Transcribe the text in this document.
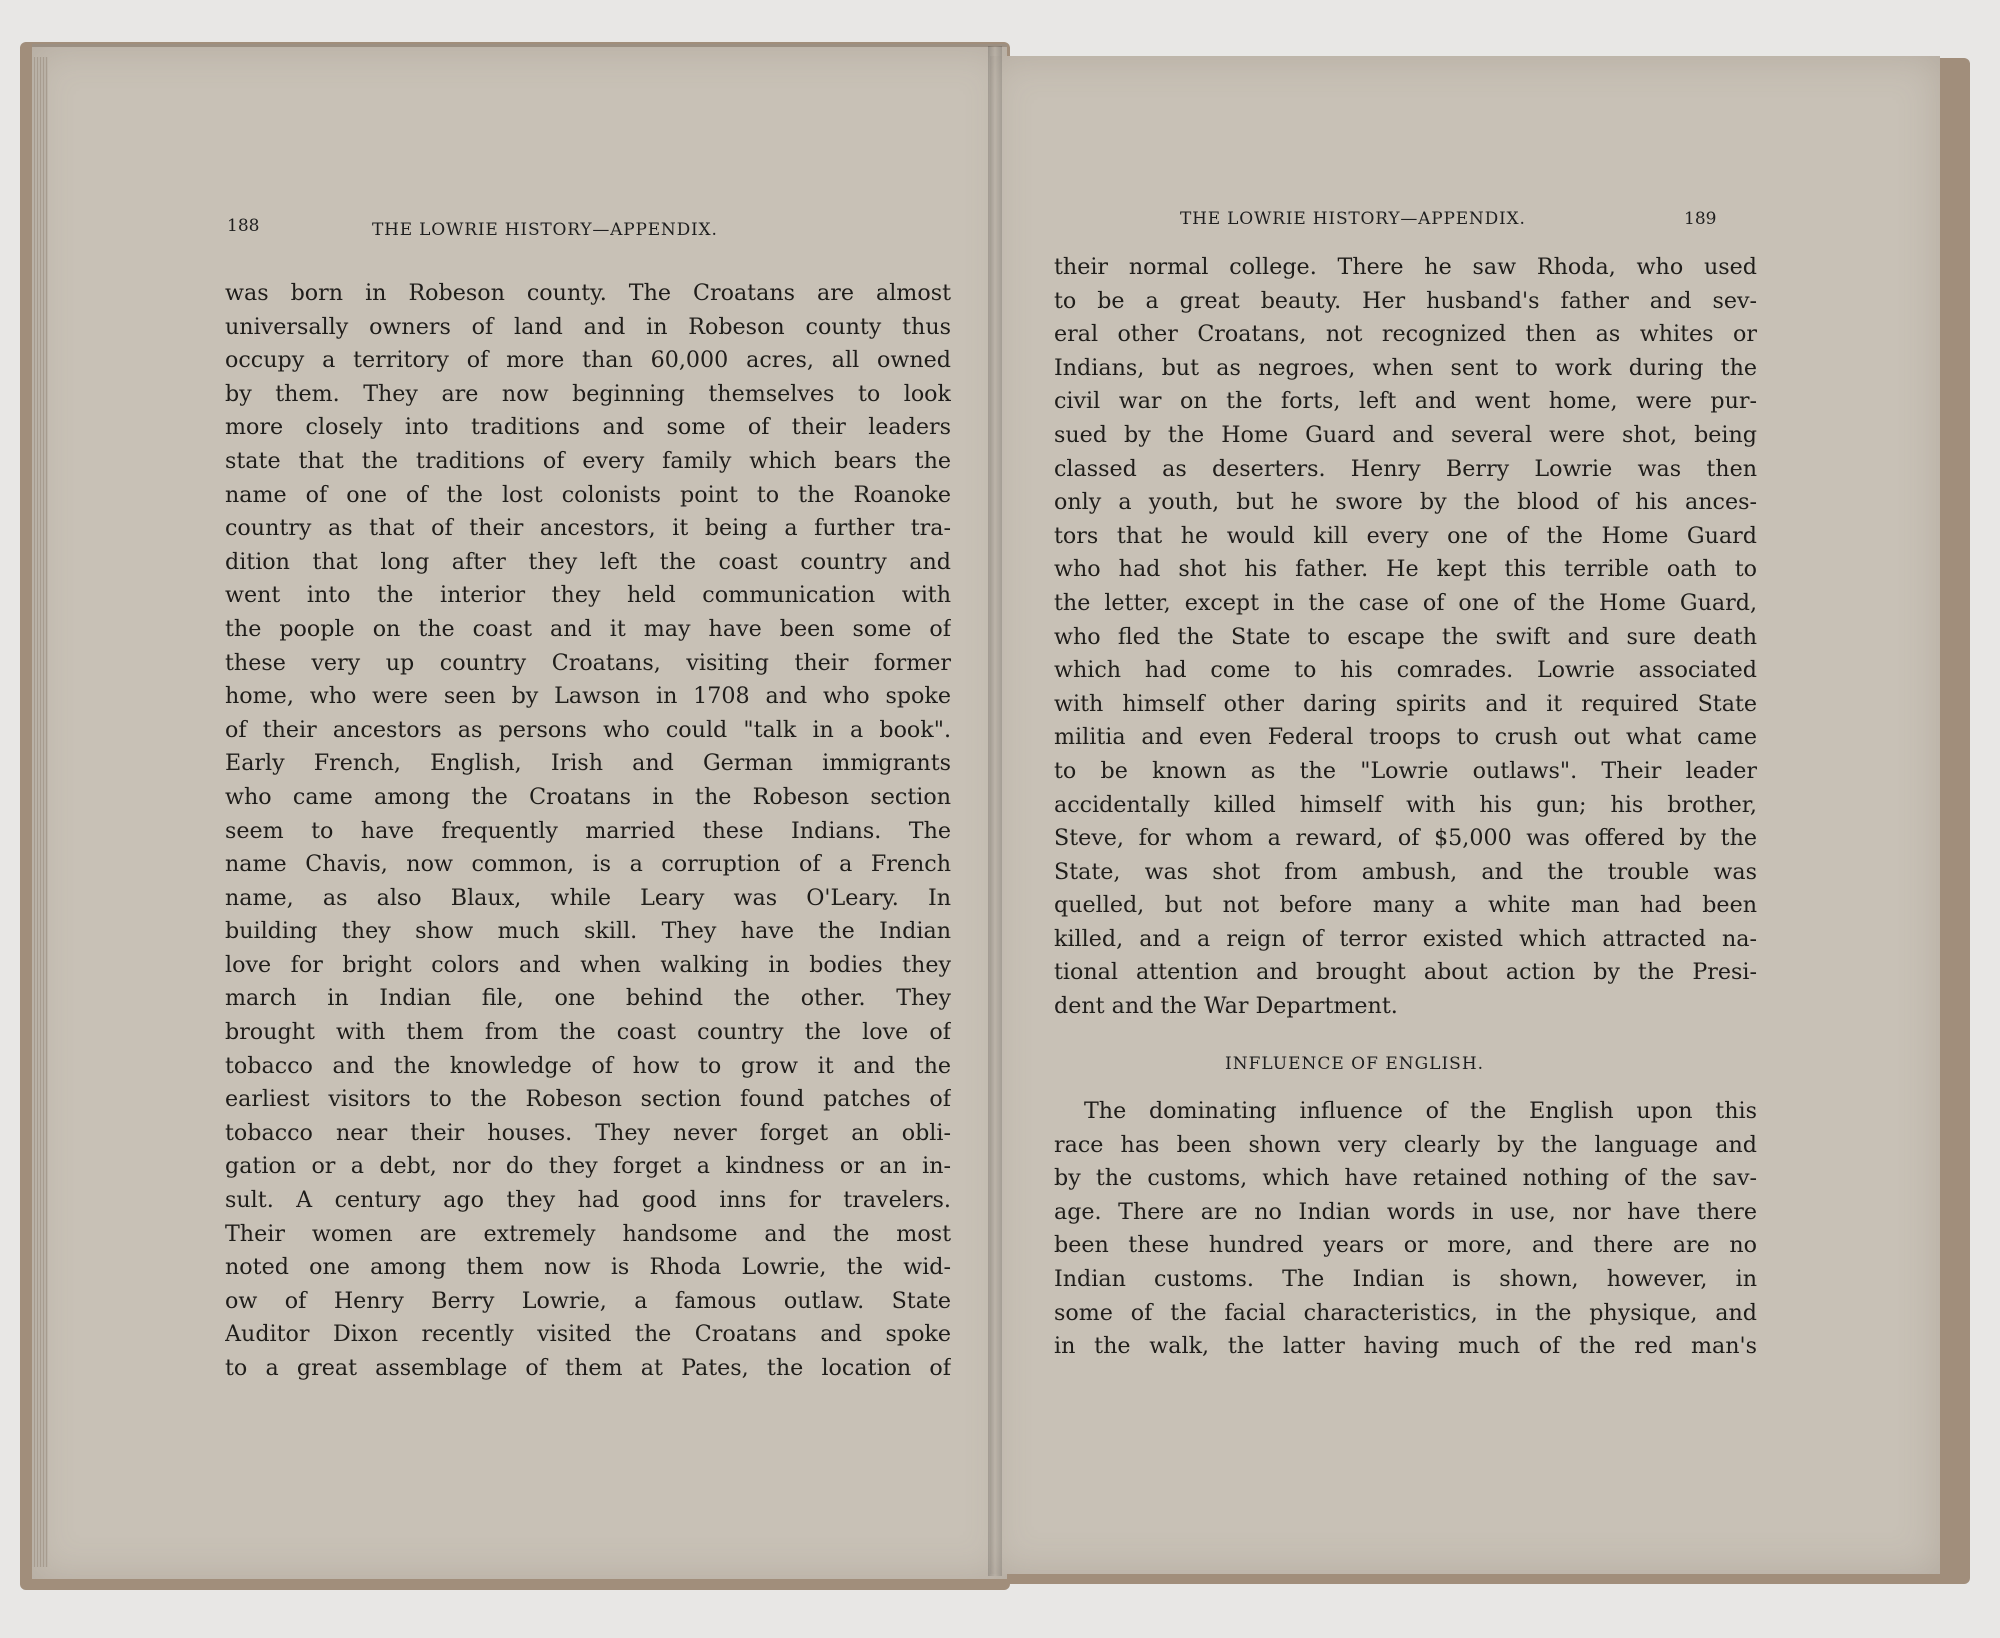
188	THE LOWRIE HISTORY—APPENDIX.
was born in Robeson county. The Croatans are almost
universally owners of land and in Robeson county thus
occupy a territory of more than 60,000 acres, all owned
by them. They are now beginning themselves to look
more closely into traditions and some of their leaders
state that the traditions of every family which bears the
name of one of the lost colonists point to the Roanoke
country as that of their ancestors, it being a further tra-
dition that long after they left the coast country and
went into the interior they held communication with
the poople on the coast and it may have been some of
these very up country Croatans, visiting their former
home, who were seen by Lawson in 1708 and who spoke
of their ancestors as persons who could "talk in a book".
Early French, English, Irish and German immigrants
who came among the Croatans in the Robeson section
seem to have frequently married these Indians. The
name Chavis, now common, is a corruption of a French
name, as also Blaux, while Leary was O'Leary. In
building they show much skill. They have the Indian
love for bright colors and when walking in bodies they
march in Indian file, one behind the other. They
brought with them from the coast country the love of
tobacco and the knowledge of how to grow it and the
earliest visitors to the Robeson section found patches of
tobacco near their houses. They never forget an obli-
gation or a debt, nor do they forget a kindness or an in-
sult. A century ago they had good inns for travelers.
Their women are extremely handsome and the most
noted one among them now is Rhoda Lowrie, the wid-
ow of Henry Berry Lowrie, a famous outlaw. State
Auditor Dixon recently visited the Croatans and spoke
to a great assemblage of them at Pates, the location of
THE LOWRIE HISTORY—APPENDIX.	189
their normal college. There he saw Rhoda, who used
to be a great beauty. Her husband's father and sev-
eral other Croatans, not recognized then as whites or
Indians, but as negroes, when sent to work during the
civil war on the forts, left and went home, were pur-
sued by the Home Guard and several were shot, being
classed as deserters. Henry Berry Lowrie was then
only a youth, but he swore by the blood of his ances-
tors that he would kill every one of the Home Guard
who had shot his father. He kept this terrible oath to
the letter, except in the case of one of the Home Guard,
who fled the State to escape the swift and sure death
which had come to his comrades. Lowrie associated
with himself other daring spirits and it required State
militia and even Federal troops to crush out what came
to be known as the "Lowrie outlaws". Their leader
accidentally killed himself with his gun; his brother,
Steve, for whom a reward, of $5,000 was offered by the
State, was shot from ambush, and the trouble was
quelled, but not before many a white man had been
killed, and a reign of terror existed which attracted na-
tional attention and brought about action by the Presi-
dent and the War Department.
INFLUENCE OF ENGLISH.
The dominating influence of the English upon this
race has been shown very clearly by the language and
by the customs, which have retained nothing of the sav-
age. There are no Indian words in use, nor have there
been these hundred years or more, and there are no
Indian customs. The Indian is shown, however, in
some of the facial characteristics, in the physique, and
in the walk, the latter having much of the red man's
